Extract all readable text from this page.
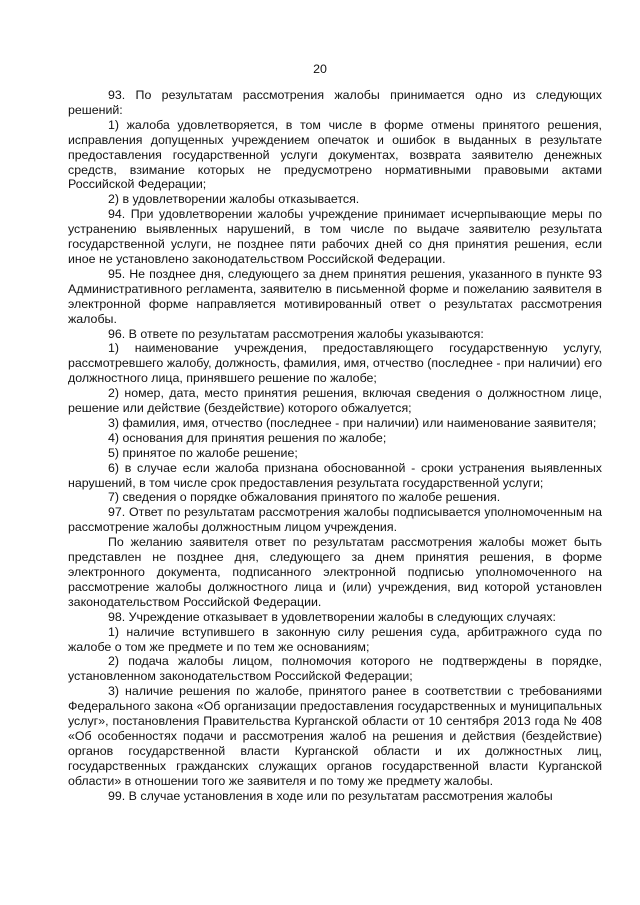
20

93. По результатам рассмотрения жалобы принимается одно из следующих решений:

1) жалоба удовлетворяется, в том числе в форме отмены принятого решения, исправления допущенных учреждением опечаток и ошибок в выданных в результате предоставления государственной услуги документах, возврата заявителю денежных средств, взимание которых не предусмотрено нормативными правовыми актами Российской Федерации;

2) в удовлетворении жалобы отказывается.

94. При удовлетворении жалобы учреждение принимает исчерпывающие меры по устранению выявленных нарушений, в том числе по выдаче заявителю результата государственной услуги, не позднее пяти рабочих дней со дня принятия решения, если иное не установлено законодательством Российской Федерации.

95. Не позднее дня, следующего за днем принятия решения, указанного в пункте 93 Административного регламента, заявителю в письменной форме и пожеланию заявителя в электронной форме направляется мотивированный ответ о результатах рассмотрения жалобы.

96. В ответе по результатам рассмотрения жалобы указываются:

1) наименование учреждения, предоставляющего государственную услугу, рассмотревшего жалобу, должность, фамилия, имя, отчество (последнее - при наличии) его должностного лица, принявшего решение по жалобе;

2) номер, дата, место принятия решения, включая сведения о должностном лице, решение или действие (бездействие) которого обжалуется;

3) фамилия, имя, отчество (последнее - при наличии) или наименование заявителя;

4) основания для принятия решения по жалобе;

5) принятое по жалобе решение;

6) в случае если жалоба признана обоснованной - сроки устранения выявленных нарушений, в том числе срок предоставления результата государственной услуги;

7) сведения о порядке обжалования принятого по жалобе решения.

97. Ответ по результатам рассмотрения жалобы подписывается уполномоченным на рассмотрение жалобы должностным лицом учреждения.

По желанию заявителя ответ по результатам рассмотрения жалобы может быть представлен не позднее дня, следующего за днем принятия решения, в форме электронного документа, подписанного электронной подписью уполномоченного на рассмотрение жалобы должностного лица и (или) учреждения, вид которой установлен законодательством Российской Федерации.

98. Учреждение отказывает в удовлетворении жалобы в следующих случаях:

1) наличие вступившего в законную силу решения суда, арбитражного суда по жалобе о том же предмете и по тем же основаниям;

2) подача жалобы лицом, полномочия которого не подтверждены в порядке, установленном законодательством Российской Федерации;

3) наличие решения по жалобе, принятого ранее в соответствии с требованиями Федерального закона «Об организации предоставления государственных и муниципальных услуг», постановления Правительства Курганской области от 10 сентября 2013 года № 408 «Об особенностях подачи и рассмотрения жалоб на решения и действия (бездействие) органов государственной власти Курганской области и их должностных лиц, государственных гражданских служащих органов государственной власти Курганской области» в отношении того же заявителя и по тому же предмету жалобы.

99. В случае установления в ходе или по результатам рассмотрения жалобы
